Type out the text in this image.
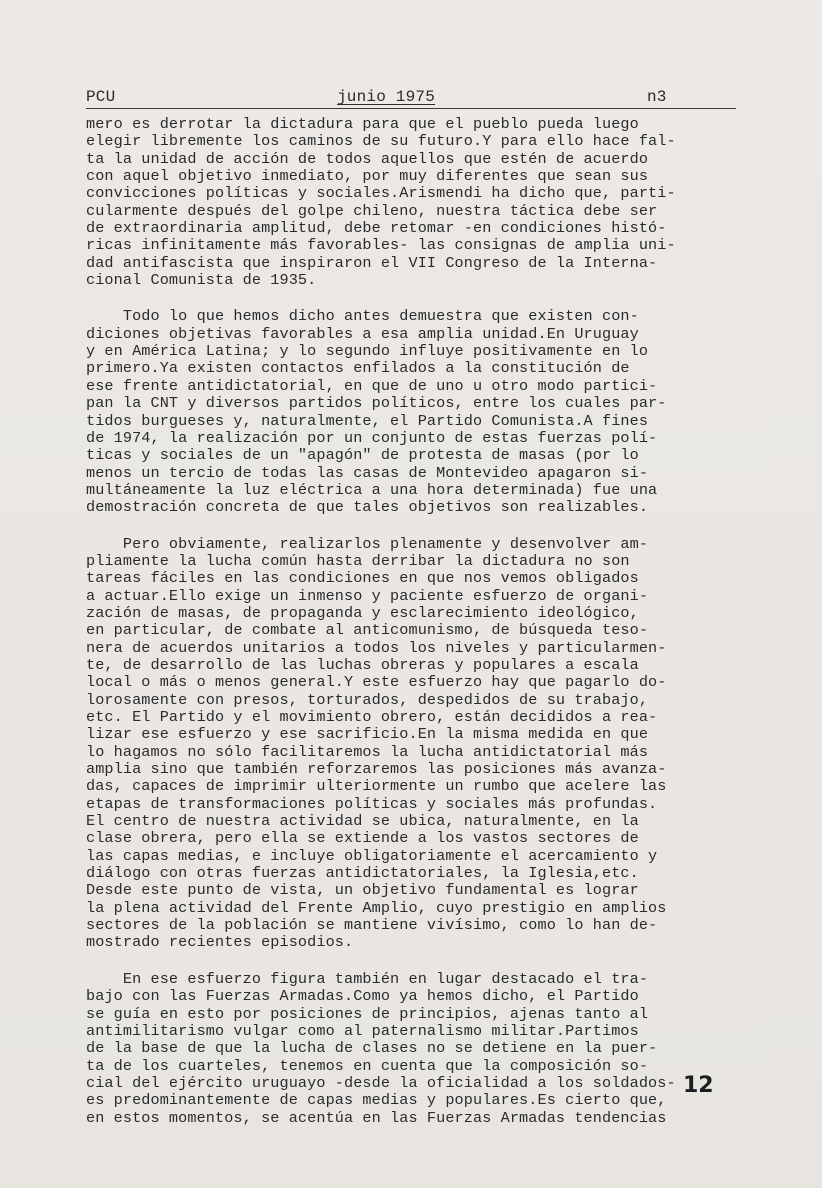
PCU	junio 1975	n3
mero es derrotar la dictadura para que el pueblo pueda luego
elegir libremente los caminos de su futuro.Y para ello hace fal-
ta la unidad de acción de todos aquellos que estén de acuerdo
con aquel objetivo inmediato, por muy diferentes que sean sus
convicciones políticas y sociales.Arismendi ha dicho que, parti-
cularmente después del golpe chileno, nuestra táctica debe ser
de extraordinaria amplitud, debe retomar -en condiciones histó-
ricas infinitamente más favorables- las consignas de amplia uni-
dad antifascista que inspiraron el VII Congreso de la Interna-
cional Comunista de 1935.
Todo lo que hemos dicho antes demuestra que existen con-
diciones objetivas favorables a esa amplia unidad.En Uruguay
y en América Latina; y lo segundo influye positivamente en lo
primero.Ya existen contactos enfilados a la constitución de
ese frente antidictatorial, en que de uno u otro modo partici-
pan la CNT y diversos partidos políticos, entre los cuales par-
tidos burgueses y, naturalmente, el Partido Comunista.A fines
de 1974, la realización por un conjunto de estas fuerzas polí-
ticas y sociales de un "apagón" de protesta de masas (por lo
menos un tercio de todas las casas de Montevideo apagaron si-
multáneamente la luz eléctrica a una hora determinada) fue una
demostración concreta de que tales objetivos son realizables.
Pero obviamente, realizarlos plenamente y desenvolver am-
pliamente la lucha común hasta derribar la dictadura no son
tareas fáciles en las condiciones en que nos vemos obligados
a actuar.Ello exige un inmenso y paciente esfuerzo de organi-
zación de masas, de propaganda y esclarecimiento ideológico,
en particular, de combate al anticomunismo, de búsqueda teso-
nera de acuerdos unitarios a todos los niveles y particularmen-
te, de desarrollo de las luchas obreras y populares a escala
local o más o menos general.Y este esfuerzo hay que pagarlo do-
lorosamente con presos, torturados, despedidos de su trabajo,
etc. El Partido y el movimiento obrero, están decididos a rea-
lizar ese esfuerzo y ese sacrificio.En la misma medida en que
lo hagamos no sólo facilitaremos la lucha antidictatorial más
amplia sino que también reforzaremos las posiciones más avanza-
das, capaces de imprimir ulteriormente un rumbo que acelere las
etapas de transformaciones políticas y sociales más profundas.
El centro de nuestra actividad se ubica, naturalmente, en la
clase obrera, pero ella se extiende a los vastos sectores de
las capas medias, e incluye obligatoriamente el acercamiento y
diálogo con otras fuerzas antidictatoriales, la Iglesia,etc.
Desde este punto de vista, un objetivo fundamental es lograr
la plena actividad del Frente Amplio, cuyo prestigio en amplios
sectores de la población se mantiene vivísimo, como lo han de-
mostrado recientes episodios.
En ese esfuerzo figura también en lugar destacado el tra-
bajo con las Fuerzas Armadas.Como ya hemos dicho, el Partido
se guía en esto por posiciones de principios, ajenas tanto al
antimilitarismo vulgar como al paternalismo militar.Partimos
de la base de que la lucha de clases no se detiene en la puer-
ta de los cuarteles, tenemos en cuenta que la composición so-
cial del ejército uruguayo -desde la oficialidad a los soldados-
es predominantemente de capas medias y populares.Es cierto que,
en estos momentos, se acentúa en las Fuerzas Armadas tendencias
12
